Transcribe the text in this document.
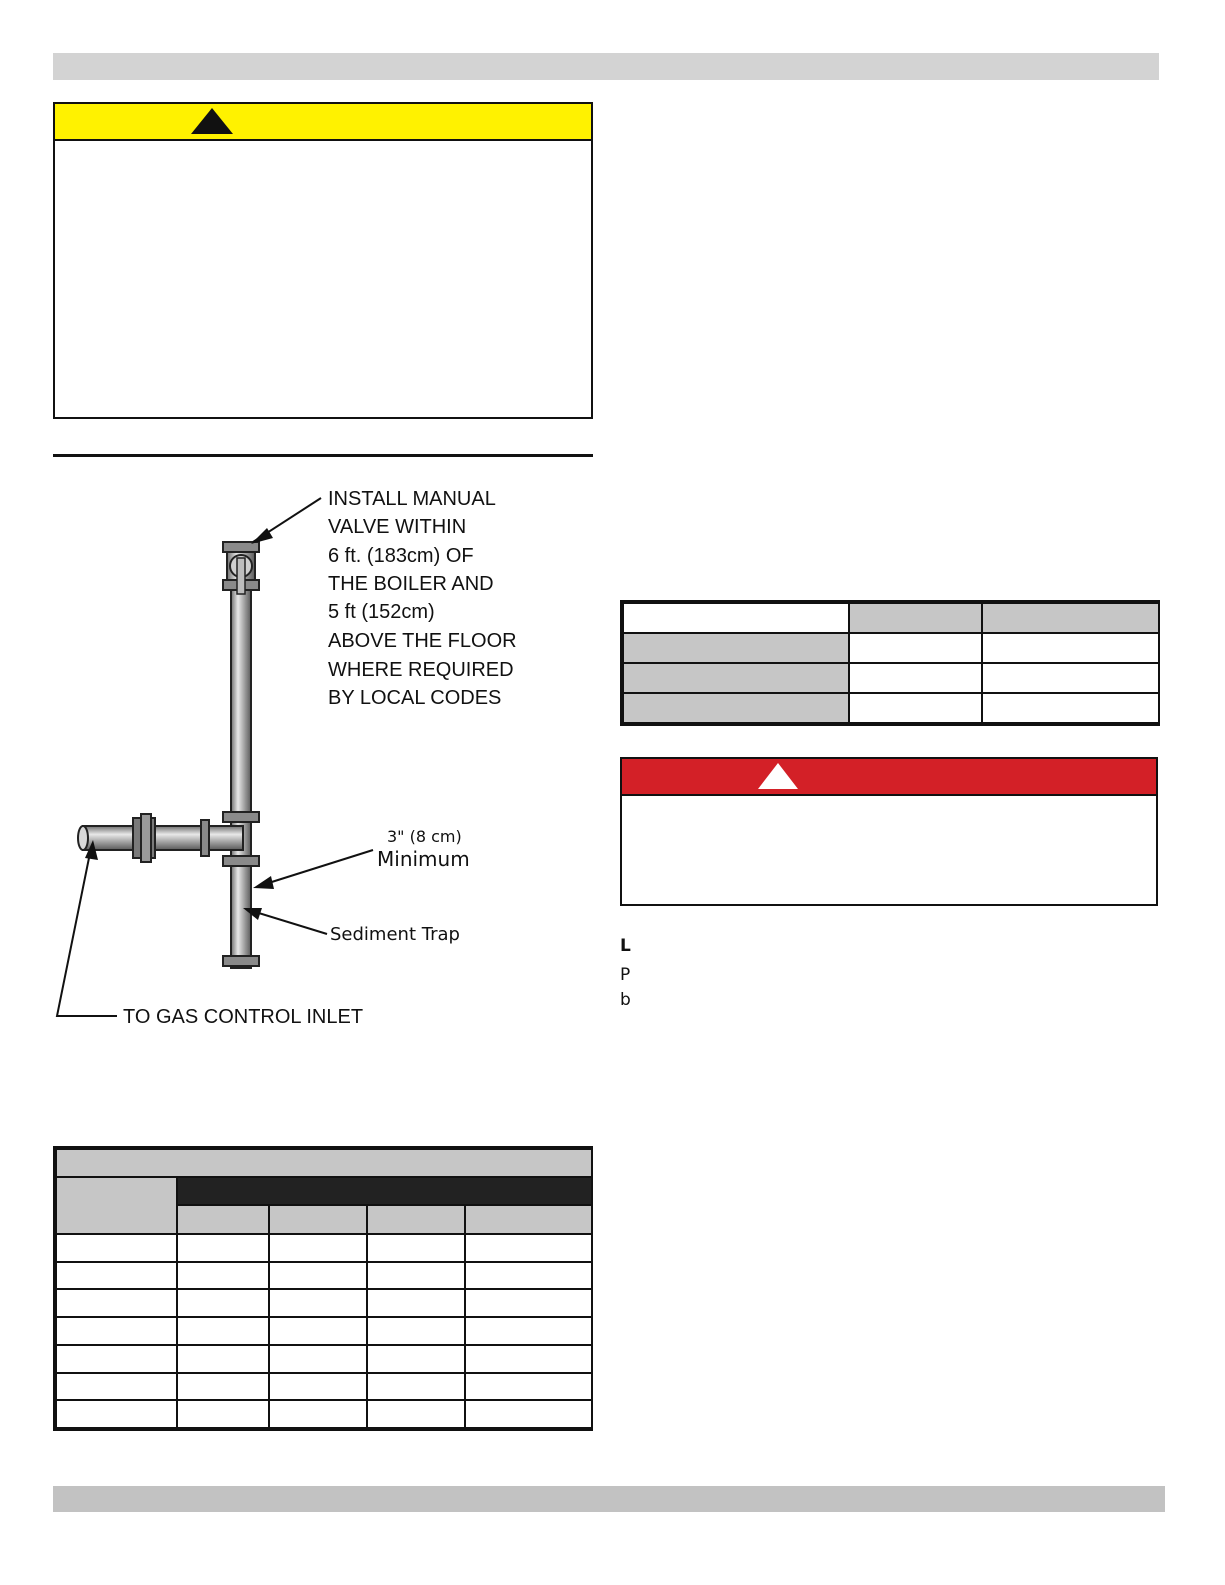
INSTALL MANUAL VALVE WITHIN 6 ft. (183cm) OF THE BOILER AND 5 ft (152cm) ABOVE THE FLOOR WHERE REQUIRED BY LOCAL CODES
3" (8 cm)
Minimum
Sediment Trap
TO GAS CONTROL INLET

L
P
b
